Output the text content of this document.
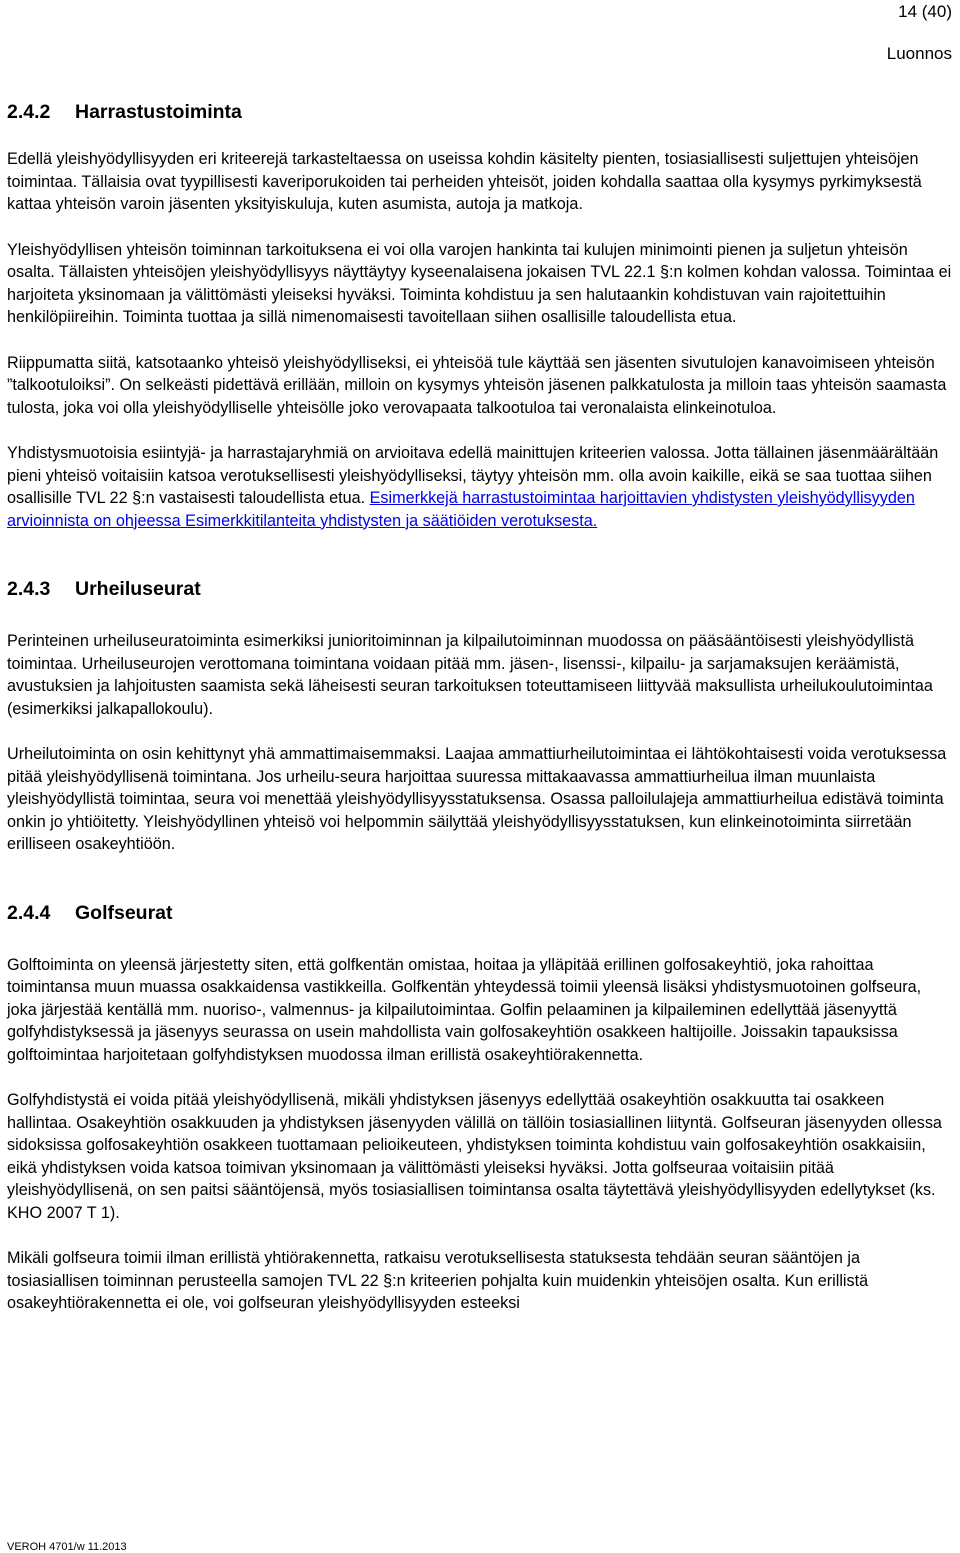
14 (40)
Luonnos
2.4.2	Harrastustoiminta

Edellä yleishyödyllisyyden eri kriteerejä tarkasteltaessa on useissa kohdin käsitelty pienten, tosiasiallisesti suljettujen yhteisöjen toimintaa. Tällaisia ovat tyypillisesti kaveriporukoiden tai perheiden yhteisöt, joiden kohdalla saattaa olla kysymys pyrkimyksestä kattaa yhteisön varoin jäsenten yksityiskuluja, kuten asumista, autoja ja matkoja.

Yleishyödyllisen yhteisön toiminnan tarkoituksena ei voi olla varojen hankinta tai kulujen minimointi pienen ja suljetun yhteisön osalta. Tällaisten yhteisöjen yleishyödyllisyys näyttäytyy kyseenalaisena jokaisen TVL 22.1 §:n kolmen kohdan valossa. Toimintaa ei harjoiteta yksinomaan ja välittömästi yleiseksi hyväksi. Toiminta kohdistuu ja sen halutaankin kohdistuvan vain rajoitettuihin henkilöpiireihin. Toiminta tuottaa ja sillä nimenomaisesti tavoitellaan siihen osallisille taloudellista etua.

Riippumatta siitä, katsotaanko yhteisö yleishyödylliseksi, ei yhteisöä tule käyttää sen jäsenten sivutulojen kanavoimiseen yhteisön ”talkootuloiksi”. On selkeästi pidettävä erillään, milloin on kysymys yhteisön jäsenen palkkatulosta ja milloin taas yhteisön saamasta tulosta, joka voi olla yleishyödylliselle yhteisölle joko verovapaata talkootuloa tai veronalaista elinkeinotuloa.

Yhdistysmuotoisia esiintyjä- ja harrastajaryhmiä on arvioitava edellä mainittujen kriteerien valossa. Jotta tällainen jäsenmäärältään pieni yhteisö voitaisiin katsoa verotuksellisesti yleishyödylliseksi, täytyy yhteisön mm. olla avoin kaikille, eikä se saa tuottaa siihen osallisille TVL 22 §:n vastaisesti taloudellista etua. Esimerkkejä harrastustoimintaa harjoittavien yhdistysten yleishyödyllisyyden arvioinnista on ohjeessa Esimerkkitilanteita yhdistysten ja säätiöiden verotuksesta.

2.4.3	Urheiluseurat

Perinteinen urheiluseuratoiminta esimerkiksi junioritoiminnan ja kilpailutoiminnan muodossa on pääsääntöisesti yleishyödyllistä toimintaa. Urheiluseurojen verottomana toimintana voidaan pitää mm. jäsen-, lisenssi-, kilpailu- ja sarjamaksujen keräämistä, avustuksien ja lahjoitusten saamista sekä läheisesti seuran tarkoituksen toteuttamiseen liittyvää maksullista urheilukoulutoimintaa (esimerkiksi jalkapallokoulu).

Urheilutoiminta on osin kehittynyt yhä ammattimaisemmaksi. Laajaa ammattiurheilutoimintaa ei lähtökohtaisesti voida verotuksessa pitää yleishyödyllisenä toimintana. Jos urheilu-seura harjoittaa suuressa mittakaavassa ammattiurheilua ilman muunlaista yleishyödyllistä toimintaa, seura voi menettää yleishyödyllisyysstatuksensa. Osassa palloilulajeja ammattiurheilua edistävä toiminta onkin jo yhtiöitetty. Yleishyödyllinen yhteisö voi helpommin säilyttää yleishyödyllisyysstatuksen, kun elinkeinotoiminta siirretään erilliseen osakeyhtiöön.

2.4.4	Golfseurat

Golftoiminta on yleensä järjestetty siten, että golfkentän omistaa, hoitaa ja ylläpitää erillinen golfosakeyhtiö, joka rahoittaa toimintansa muun muassa osakkaidensa vastikkeilla. Golfkentän yhteydessä toimii yleensä lisäksi yhdistysmuotoinen golfseura, joka järjestää kentällä mm. nuoriso-, valmennus- ja kilpailutoimintaa. Golfin pelaaminen ja kilpaileminen edellyttää jäsenyyttä golfyhdistyksessä ja jäsenyys seurassa on usein mahdollista vain golfosakeyhtiön osakkeen haltijoille. Joissakin tapauksissa golftoimintaa harjoitetaan golfyhdistyksen muodossa ilman erillistä osakeyhtiörakennetta.

Golfyhdistystä ei voida pitää yleishyödyllisenä, mikäli yhdistyksen jäsenyys edellyttää osakeyhtiön osakkuutta tai osakkeen hallintaa. Osakeyhtiön osakkuuden ja yhdistyksen jäsenyyden välillä on tällöin tosiasiallinen liityntä. Golfseuran jäsenyyden ollessa sidoksissa golfosakeyhtiön osakkeen tuottamaan pelioikeuteen, yhdistyksen toiminta kohdistuu vain golfosakeyhtiön osakkaisiin, eikä yhdistyksen voida katsoa toimivan yksinomaan ja välittömästi yleiseksi hyväksi. Jotta golfseuraa voitaisiin pitää yleishyödyllisenä, on sen paitsi sääntöjensä, myös tosiasiallisen toimintansa osalta täytettävä yleishyödyllisyyden edellytykset (ks. KHO 2007 T 1).

Mikäli golfseura toimii ilman erillistä yhtiörakennetta, ratkaisu verotuksellisesta statuksesta tehdään seuran sääntöjen ja tosiasiallisen toiminnan perusteella samojen TVL 22 §:n kriteerien pohjalta kuin muidenkin yhteisöjen osalta. Kun erillistä osakeyhtiörakennetta ei ole, voi golfseuran yleishyödyllisyyden esteeksi

VEROH 4701/w 11.2013
